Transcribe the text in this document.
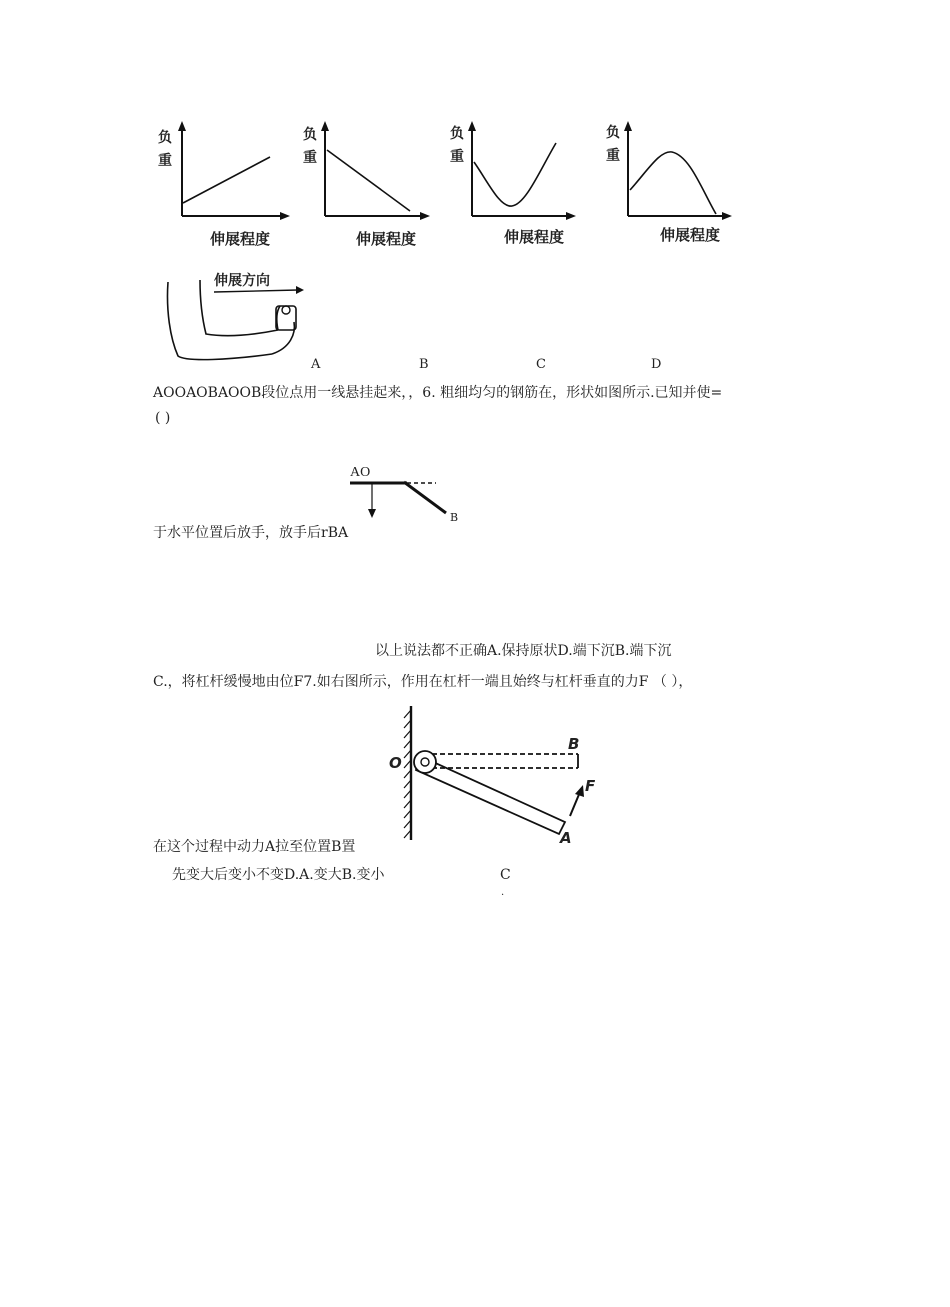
负
重
伸展程度
负
重
伸展程度
负
重
伸展程度
负
重
伸展程度
伸展方向
A	B	C	D
AOOAOBAOOB段位点用一线悬挂起来，，6. 粗细均匀的钢筋在，形状如图所示.已知并使=
( )
AO
B
于水平位置后放手，放手后rBA
以上说法都不正确A.保持原状D.端下沉B.端下沉
C.，将杠杆缓慢地由位F7.如右图所示，作用在杠杆一端且始终与杠杆垂直的力F （ ），
O
B
F
A
在这个过程中动力A拉至位置B置
先变大后变小不变D.A.变大B.变小	C
.
